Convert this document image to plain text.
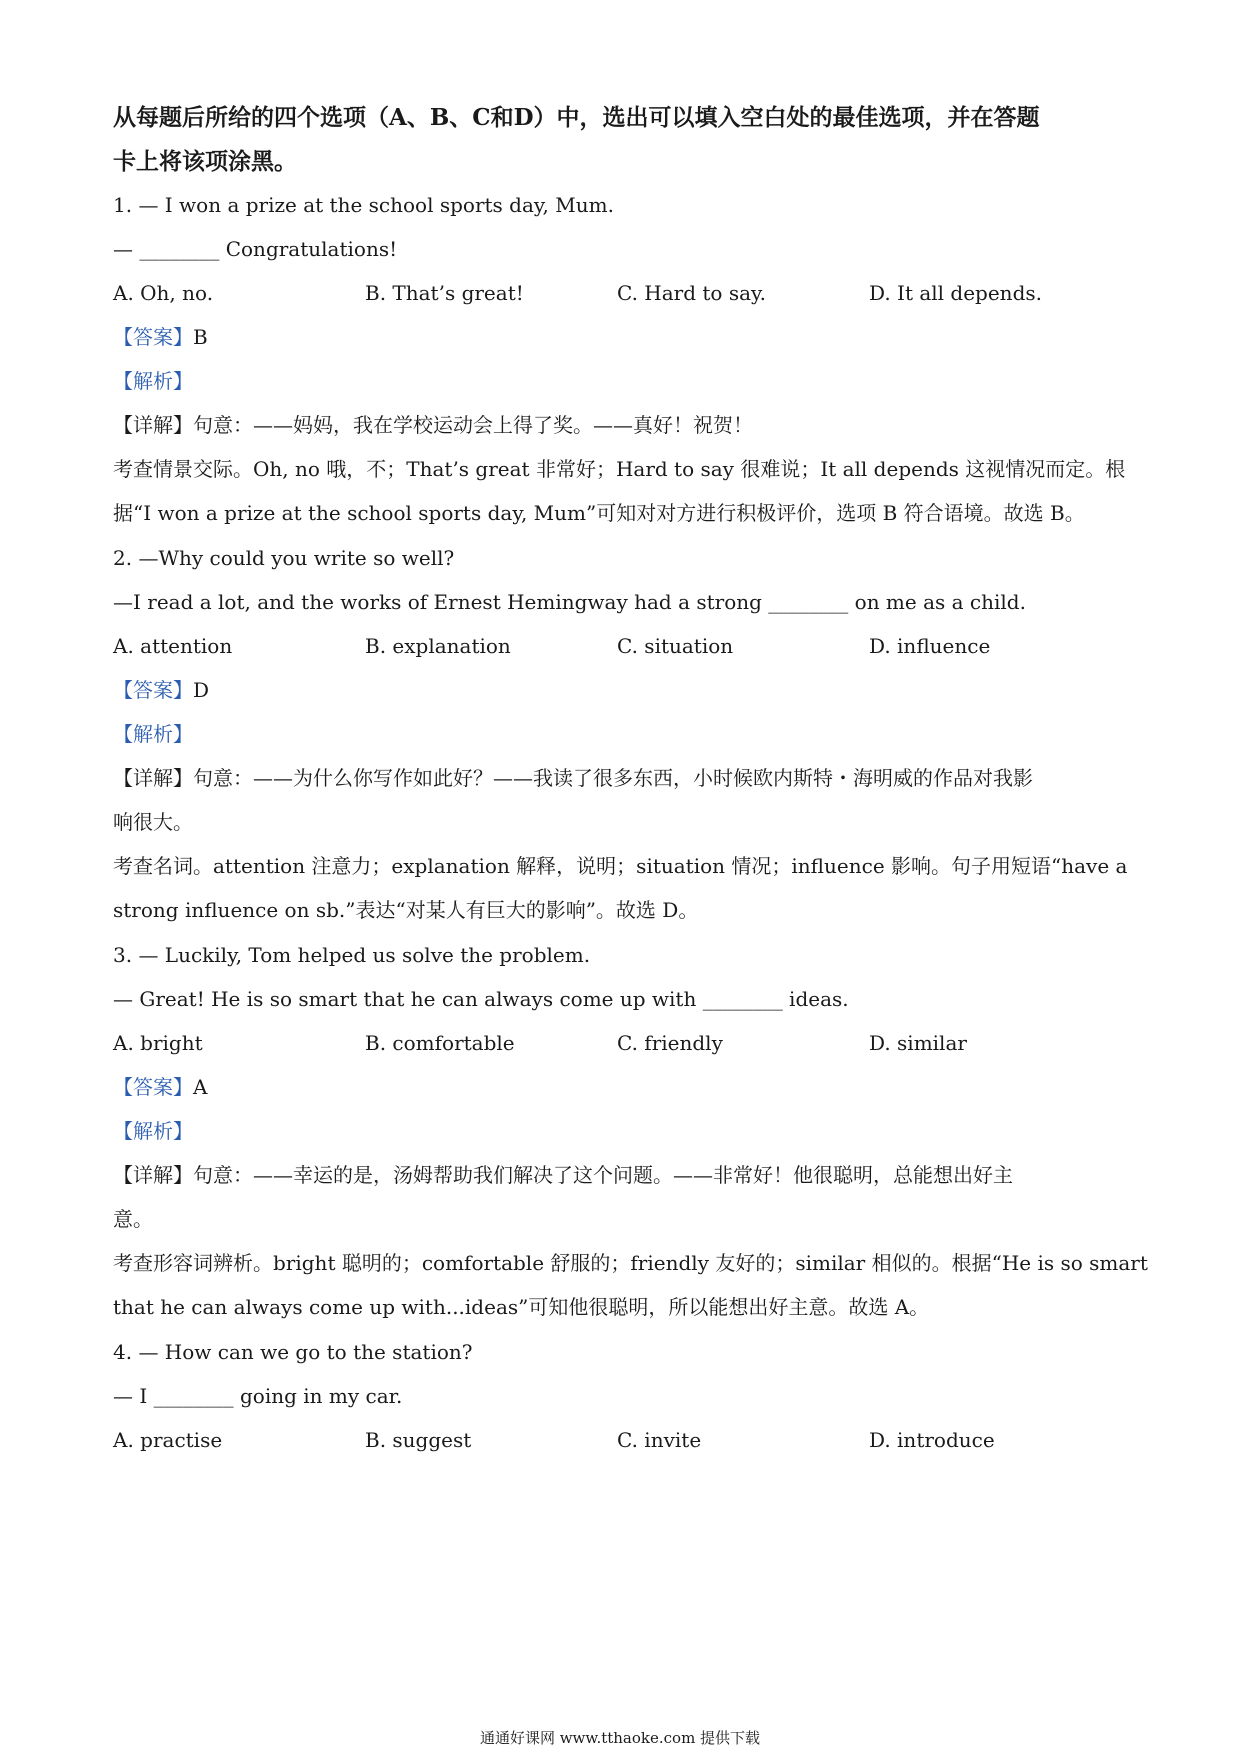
从每题后所给的四个选项（A、B、C和D）中，选出可以填入空白处的最佳选项，并在答题
卡上将该项涂黑。
1. — I won a prize at the school sports day, Mum.
— ________ Congratulations!
A. Oh, no.	B. That’s great!	C. Hard to say.	D. It all depends.
【答案】B
【解析】
【详解】句意：——妈妈，我在学校运动会上得了奖。——真好！祝贺！
考查情景交际。Oh, no 哦，不；That’s great 非常好；Hard to say 很难说；It all depends 这视情况而定。根
据“I won a prize at the school sports day, Mum”可知对对方进行积极评价，选项 B 符合语境。故选 B。
2. —Why could you write so well?
—I read a lot, and the works of Ernest Hemingway had a strong ________ on me as a child.
A. attention	B. explanation	C. situation	D. influence
【答案】D
【解析】
【详解】句意：——为什么你写作如此好？——我读了很多东西，小时候欧内斯特・海明威的作品对我影
响很大。
考查名词。attention 注意力；explanation 解释，说明；situation 情况；influence 影响。句子用短语“have a
strong influence on sb.”表达“对某人有巨大的影响”。故选 D。
3. — Luckily, Tom helped us solve the problem.
— Great! He is so smart that he can always come up with ________ ideas.
A. bright	B. comfortable	C. friendly	D. similar
【答案】A
【解析】
【详解】句意：——幸运的是，汤姆帮助我们解决了这个问题。——非常好！他很聪明，总能想出好主
意。
考查形容词辨析。bright 聪明的；comfortable 舒服的；friendly 友好的；similar 相似的。根据“He is so smart
that he can always come up with...ideas”可知他很聪明，所以能想出好主意。故选 A。
4. — How can we go to the station?
— I ________ going in my car.
A. practise	B. suggest	C. invite	D. introduce
通通好课网 www.tthaoke.com 提供下载
